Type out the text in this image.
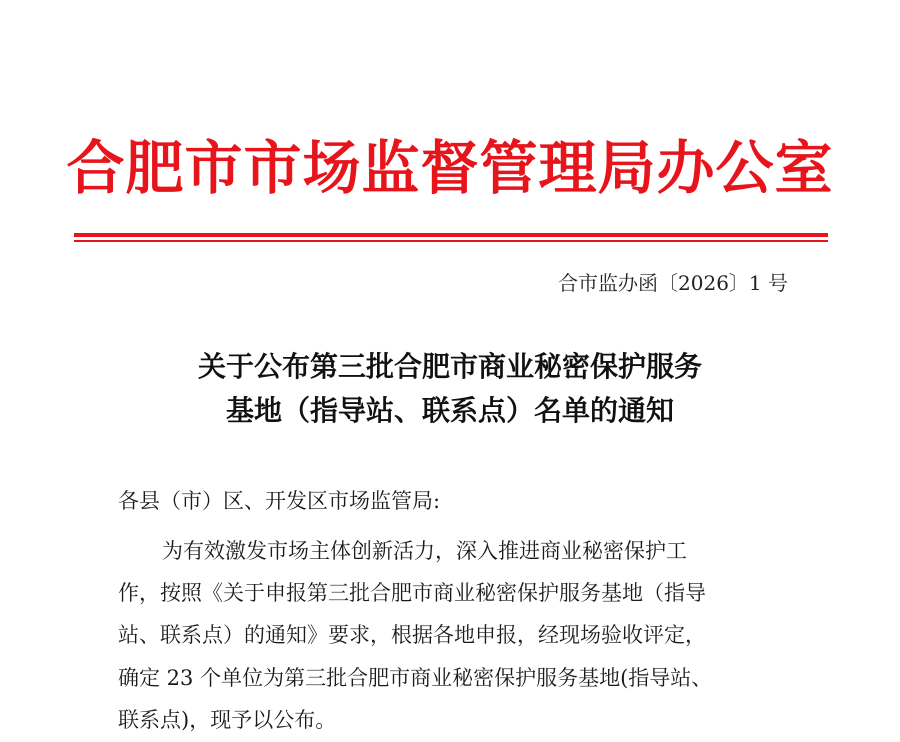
合肥市市场监督管理局办公室
合市监办函〔2026〕1 号
关于公布第三批合肥市商业秘密保护服务
基地（指导站、联系点）名单的通知
各县（市）区、开发区市场监管局:
为有效激发市场主体创新活力，深入推进商业秘密保护工
作，按照《关于申报第三批合肥市商业秘密保护服务基地（指导
站、联系点）的通知》要求，根据各地申报，经现场验收评定，
确定 23 个单位为第三批合肥市商业秘密保护服务基地(指导站、
联系点)，现予以公布。
